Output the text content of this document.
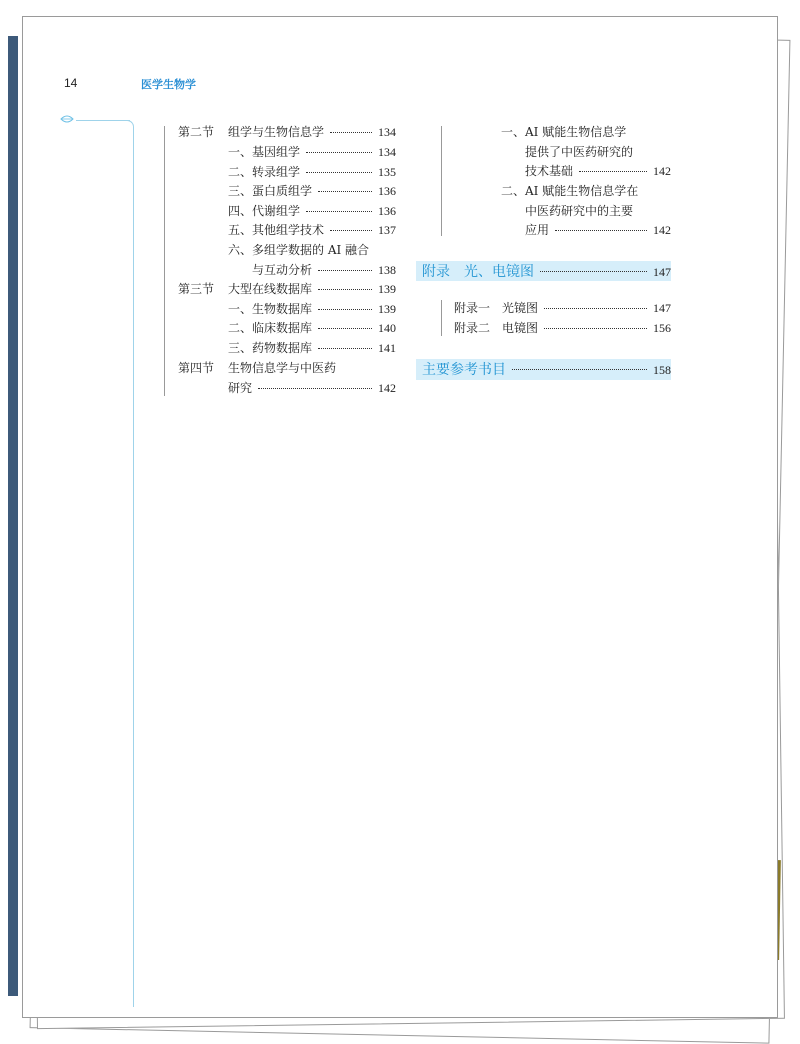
14	医学生物学
第二节	组学与生物信息学	134
一、基因组学	134
二、转录组学	135
三、蛋白质组学	136
四、代谢组学	136
五、其他组学技术	137
六、多组学数据的 AI 融合
与互动分析	138
第三节	大型在线数据库	139
一、生物数据库	139
二、临床数据库	140
三、药物数据库	141
第四节 生物信息学与中医药
研究	142
一、AI 赋能生物信息学
提供了中医药研究的
技术基础	142
二、AI 赋能生物信息学在
中医药研究中的主要
应用	142
附录　光、电镜图	147
附录一 光镜图	147
附录二 电镜图	156
主要参考书目	158
